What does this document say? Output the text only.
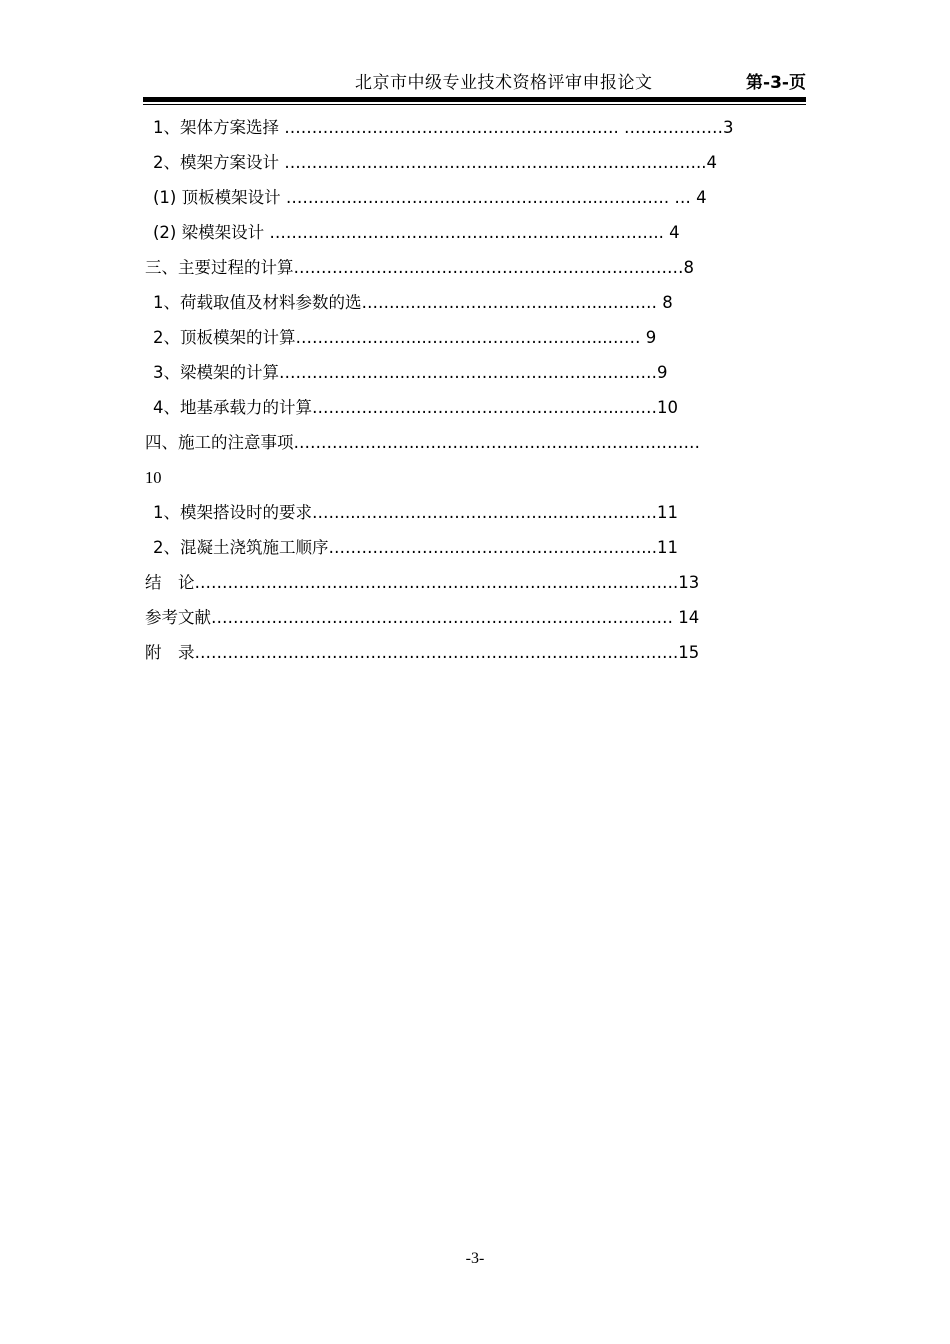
北京市中级专业技术资格评审申报论文	第-3-页
1、架体方案选择 ……………………………………………...……. ………………3
2、模架方案设计 ……………………………………………...…………………..4
(1) 顶板模架设计 …………..……………..……………………..…………. … 4
(2) 梁模架设计 …………...………………………………………….…….. 4
三、主要过程的计算…………………..…………………………………………8
1、荷载取值及材料参数的选……...……………………………...……… 8
2、顶板模架的计算…………………...…………………………...…… 9
3、梁模架的计算…………………...……………………………...………9
4、地基承载力的计算………………...……………………………...……10
四、施工的注意事项…………………..……………………………………………
10
1、模架搭设时的要求……...……………………………...………………11
2、混凝土浇筑施工顺序…………………...……………………………...11
结　论…………………………………………………………………………….13
参考文献………………………………………………………………………… 14
附　录…………………………………………………………………………….15
-3-
